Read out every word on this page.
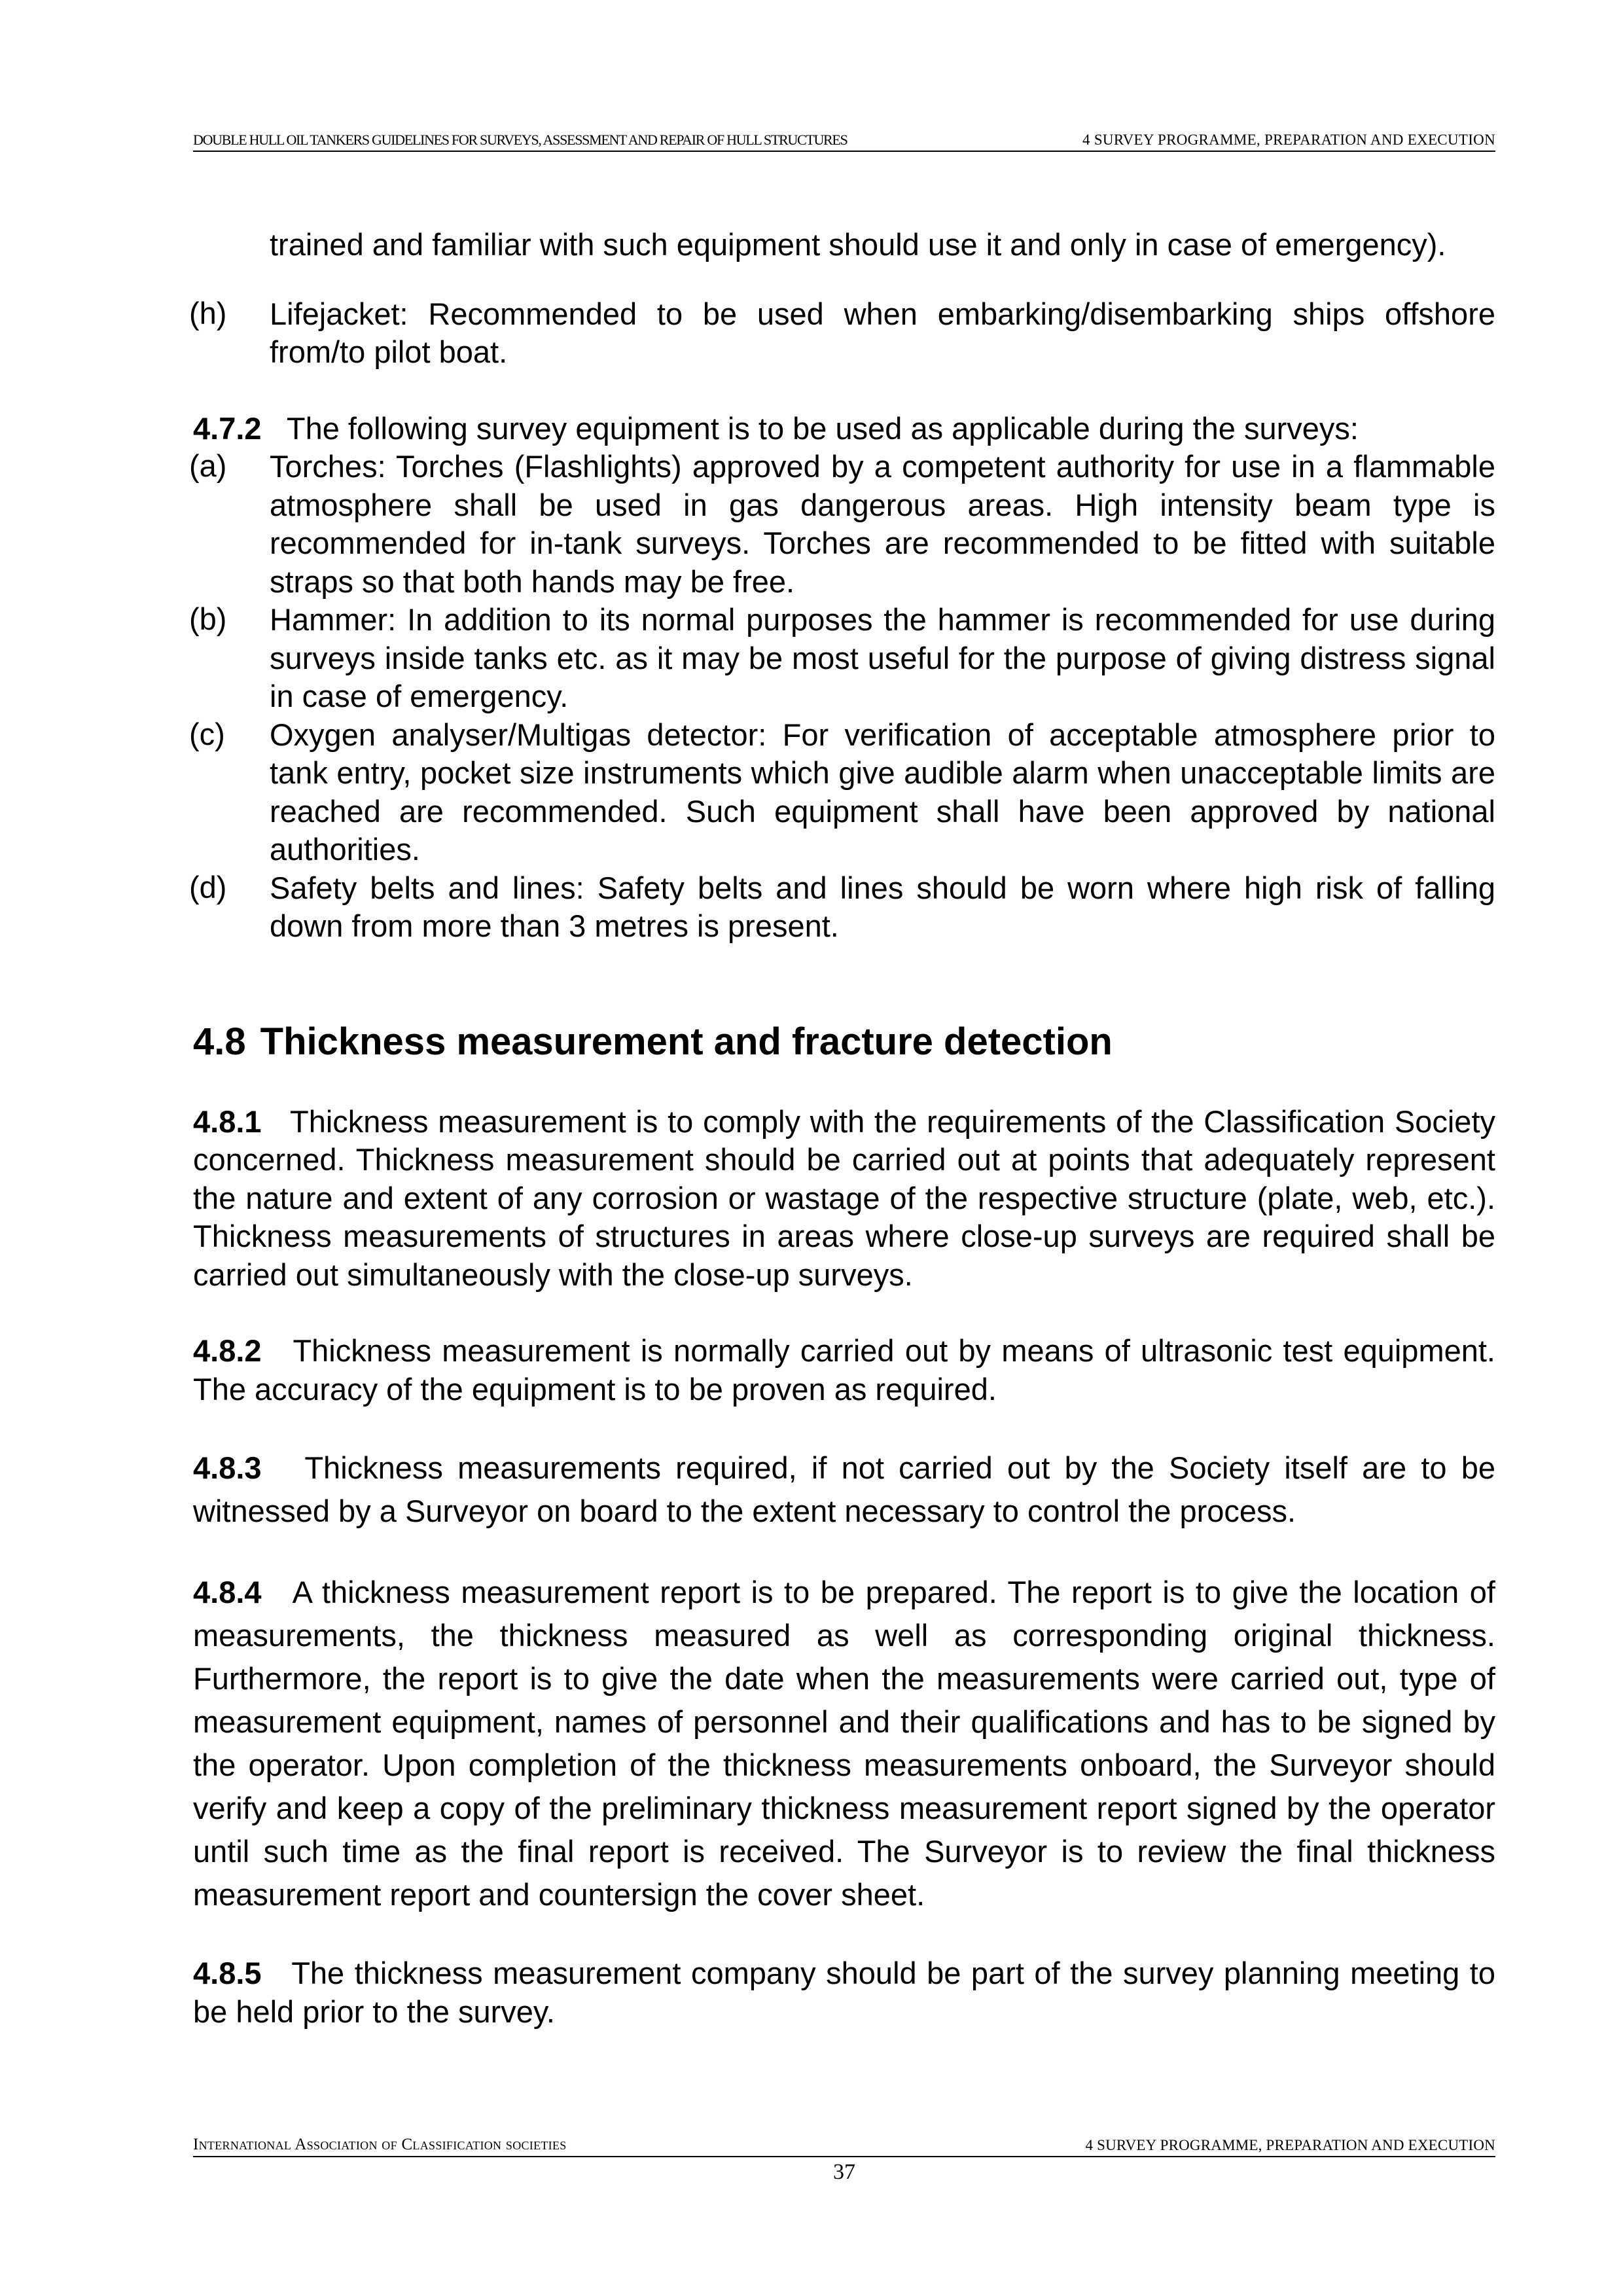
DOUBLE HULL OIL TANKERS GUIDELINES FOR SURVEYS, ASSESSMENT AND REPAIR OF HULL STRUCTURES	4 SURVEY PROGRAMME, PREPARATION AND EXECUTION

trained and familiar with such equipment should use it and only in case of emergency).

(h)	Lifejacket: Recommended to be used when embarking/disembarking ships offshore from/to pilot boat.

4.7.2 The following survey equipment is to be used as applicable during the surveys:

(a)	Torches: Torches (Flashlights) approved by a competent authority for use in a flammable atmosphere shall be used in gas dangerous areas. High intensity beam type is recommended for in-tank surveys. Torches are recommended to be fitted with suitable straps so that both hands may be free.
(b)	Hammer: In addition to its normal purposes the hammer is recommended for use during surveys inside tanks etc. as it may be most useful for the purpose of giving distress signal in case of emergency.
(c)	Oxygen analyser/Multigas detector: For verification of acceptable atmosphere prior to tank entry, pocket size instruments which give audible alarm when unacceptable limits are reached are recommended. Such equipment shall have been approved by national authorities.
(d)	Safety belts and lines: Safety belts and lines should be worn where high risk of falling down from more than 3 metres is present.
4.8 Thickness measurement and fracture detection

4.8.1 Thickness measurement is to comply with the requirements of the Classification Society concerned. Thickness measurement should be carried out at points that adequately represent the nature and extent of any corrosion or wastage of the respective structure (plate, web, etc.). Thickness measurements of structures in areas where close-up surveys are required shall be carried out simultaneously with the close-up surveys.

4.8.2 Thickness measurement is normally carried out by means of ultrasonic test equipment. The accuracy of the equipment is to be proven as required.

4.8.3 Thickness measurements required, if not carried out by the Society itself are to be witnessed by a Surveyor on board to the extent necessary to control the process.

4.8.4 A thickness measurement report is to be prepared. The report is to give the location of measurements, the thickness measured as well as corresponding original thickness. Furthermore, the report is to give the date when the measurements were carried out, type of measurement equipment, names of personnel and their qualifications and has to be signed by the operator. Upon completion of the thickness measurements onboard, the Surveyor should verify and keep a copy of the preliminary thickness measurement report signed by the operator until such time as the final report is received. The Surveyor is to review the final thickness measurement report and countersign the cover sheet.

4.8.5 The thickness measurement company should be part of the survey planning meeting to be held prior to the survey.

International Association of Classification societies	4 SURVEY PROGRAMME, PREPARATION AND EXECUTION
37
